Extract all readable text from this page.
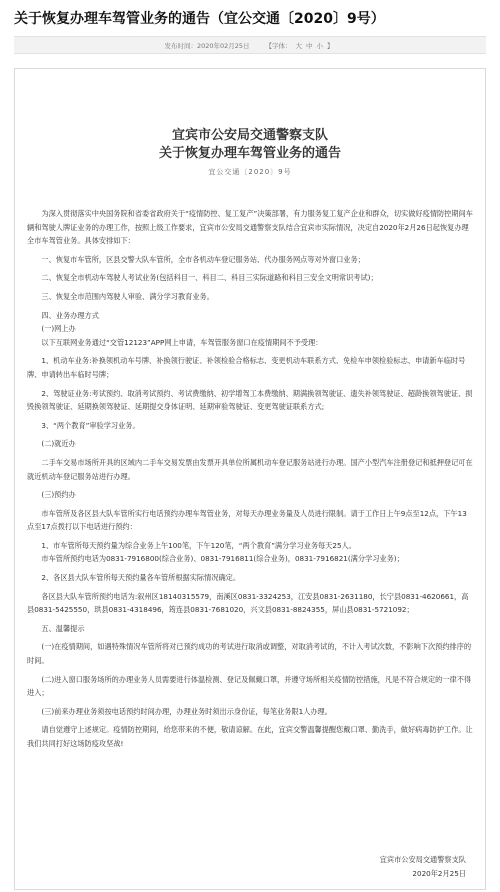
关于恢复办理车驾管业务的通告（宜公交通〔2020〕9号）
发布时间：2020年02月25日	【字体： 大 中 小 】
宜宾市公安局交通警察支队
关于恢复办理车驾管业务的通告
宜公交通〔2020〕9号

为深入贯彻落实中央国务院和省委省政府关于“疫情防控、复工复产”决策部署，有力服务复工复产企业和群众，切实做好疫情防控期间车辆和驾驶人牌证业务的办理工作，按照上级工作要求，宜宾市公安局交通警察支队结合宜宾市实际情况，决定自2020年2月26日起恢复办理全市车驾管业务。具体安排如下：

一、恢复市车管所，区县交警大队车管所，全市各机动车登记服务站、代办服务网点等对外窗口业务；

二、恢复全市机动车驾驶人考试业务(包括科目一、科目二、科目三实际道路和科目三安全文明常识考试)；

三、恢复全市范围内驾驶人审验、满分学习教育业务。

四、业务办理方式

(一)网上办

以下互联网业务通过“交管12123”APP网上申请，车驾管服务窗口在疫情期间不予受理：

1、机动车业务:补换领机动车号牌、补换领行驶证、补领检验合格标志、变更机动车联系方式、免检车申领检验标志、申请新车临时号牌、申请转出车临时号牌；

2、驾驶证业务:考试预约、取消考试预约、考试费缴纳、初学增驾工本费缴纳、期满换领驾驶证、遗失补领驾驶证、超龄换领驾驶证、损毁换领驾驶证、延期换领驾驶证、延期提交身体证明、延期审验驾驶证、变更驾驶证联系方式;

3、“两个教育”审验学习业务。

(二)就近办

二手车交易市场所开具的区域内二手车交易发票由发票开具单位所属机动车登记服务站进行办理。国产小型汽车注册登记和抵押登记可在就近机动车登记服务站进行办理。

(三)预约办

市车管所及各区县大队车管所实行电话预约办理车驾管业务，对每天办理业务量及人员进行限制。请于工作日上午9点至12点，下午13点至17点拨打以下电话进行预约：

1、市车管所每天预约量为综合业务上午100笔，下午120笔，“两个教育”满分学习业务每天25人。

市车管所预约电话为0831-7916800(综合业务)、0831-7916811(综合业务)，0831-7916821(满分学习业务)；

2、各区县大队车管所每天预约量各车管所根据实际情况确定。

各区县大队车管所预约电话为:叙州区18140315579，南溪区0831-3324253，江安县0831-2631180，长宁县0831-4620661，高县0831-5425550，珙县0831-4318496，筠连县0831-7681020，兴文县0831-8824355，屏山县0831-5721092；

五、温馨提示

(一)在疫情期间，如遇特殊情况车管所将对已预约成功的考试进行取消或调整，对取消考试的，不计入考试次数，不影响下次预约排序的时间。

(二)进入窗口服务场所的办理业务人员需要进行体温检测、登记及佩戴口罩，并遵守场所相关疫情防控措施，凡是不符合规定的一律不得进入；

(三)前来办理业务须按电话预约时间办理，办理业务时须出示身份证，每笔业务限1人办理。

请自觉遵守上述规定。疫情防控期间，给您带来的不便，敬请谅解。在此，宜宾交警温馨提醒您戴口罩、勤洗手，做好病毒防护工作。让我们共同打好这场防疫攻坚战!

宜宾市公安局交通警察支队
2020年2月25日
